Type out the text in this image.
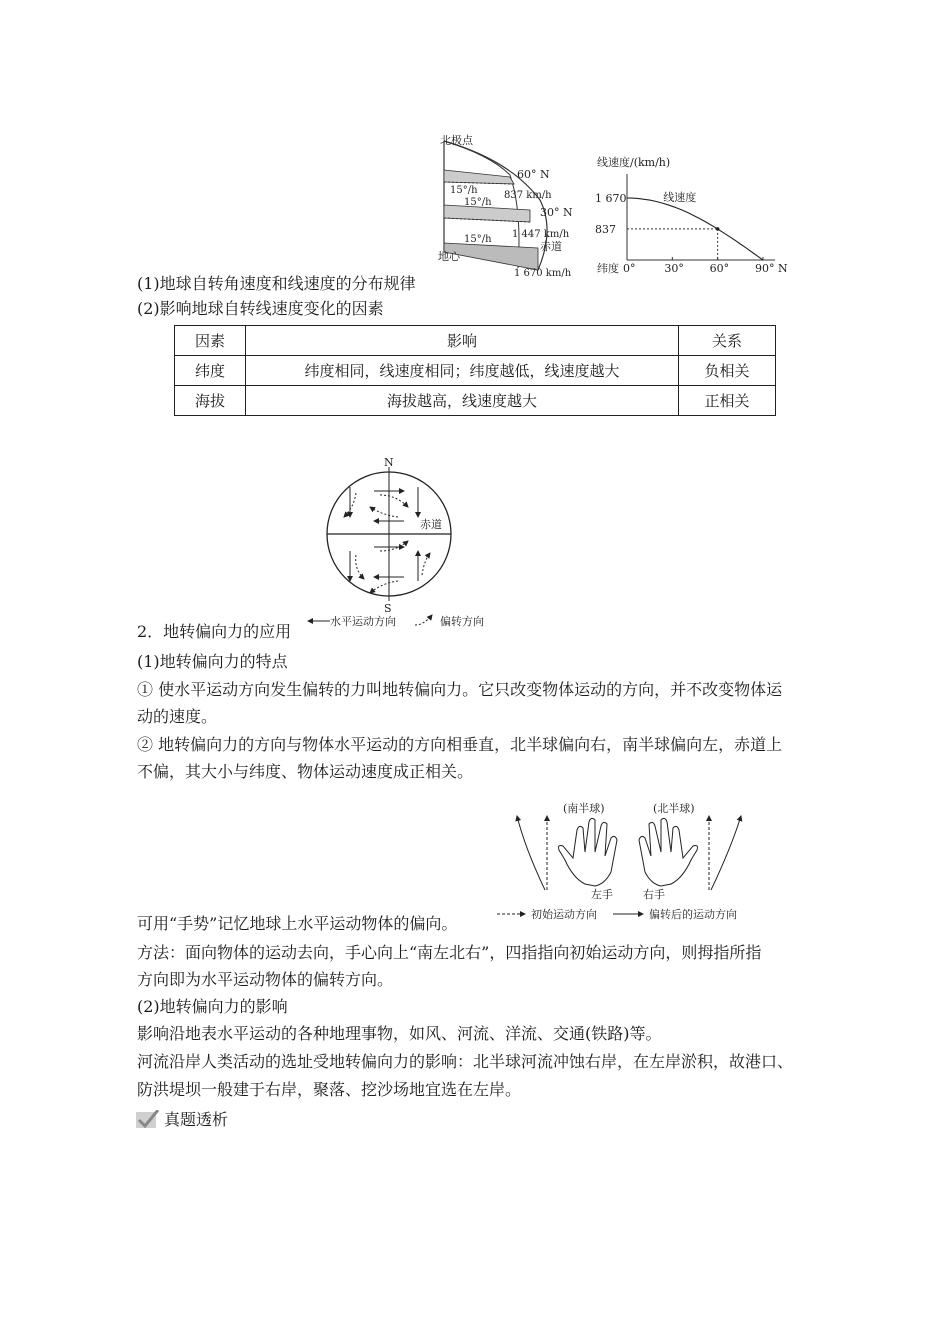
北极点
地心
60° N
30° N
赤道
15°/h
15°/h
15°/h
837 km/h
1 447 km/h
1 670 km/h
线速度/(km/h)
纬度
线速度
1 670
837
0°	30° 60° 90° N
(1)地球自转角速度和线速度的分布规律
(2)影响地球自转线速度变化的因素
因素	影响	关系
纬度	纬度相同，线速度相同；纬度越低，线速度越大	负相关
海拔	海拔越高，线速度越大	正相关
N
S
赤道
水平运动方向	偏转方向
2．地转偏向力的应用
(1)地转偏向力的特点
① 使水平运动方向发生偏转的力叫地转偏向力。它只改变物体运动的方向，并不改变物体运
动的速度。
② 地转偏向力的方向与物体水平运动的方向相垂直，北半球偏向右，南半球偏向左，赤道上
不偏，其大小与纬度、物体运动速度成正相关。
(南半球)	(北半球)
左手	右手
初始运动方向	偏转后的运动方向
可用“手势”记忆地球上水平运动物体的偏向。
方法：面向物体的运动去向，手心向上“南左北右”，四指指向初始运动方向，则拇指所指
方向即为水平运动物体的偏转方向。
(2)地转偏向力的影响
影响沿地表水平运动的各种地理事物，如风、河流、洋流、交通(铁路)等。
河流沿岸人类活动的选址受地转偏向力的影响：北半球河流冲蚀右岸，在左岸淤积，故港口、
防洪堤坝一般建于右岸，聚落、挖沙场地宜选在左岸。
真题透析
